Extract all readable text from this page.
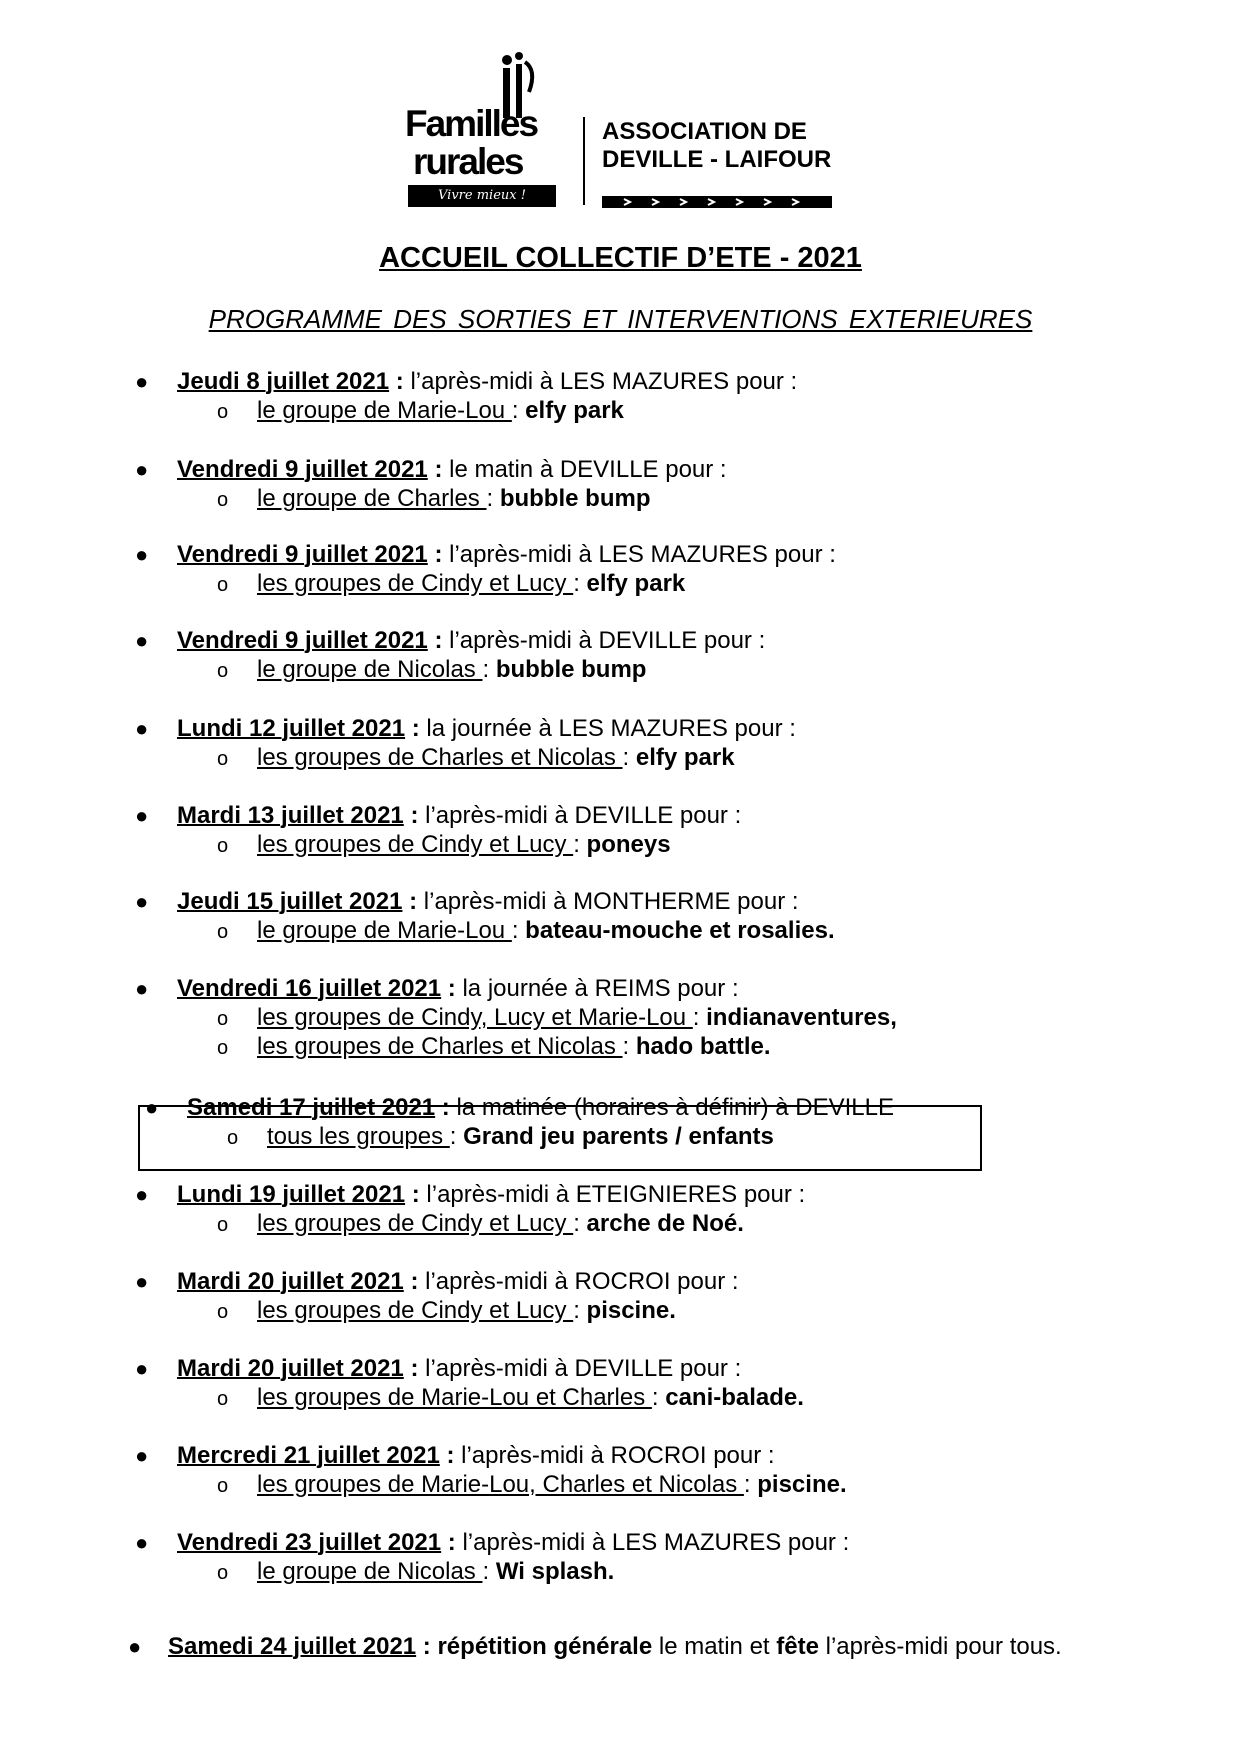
Familles
rurales
Vivre mieux !
ASSOCIATION DE
DEVILLE - LAIFOUR
ACCUEIL COLLECTIF D’ETE - 2021
PROGRAMME DES SORTIES ET INTERVENTIONS EXTERIEURES
● Jeudi 8 juillet 2021 : l’après-midi à LES MAZURES pour :
o le groupe de Marie-Lou : elfy park
● Vendredi 9 juillet 2021 : le matin à DEVILLE pour :
o le groupe de Charles : bubble bump
● Vendredi 9 juillet 2021 : l’après-midi à LES MAZURES pour :
o les groupes de Cindy et Lucy : elfy park
● Vendredi 9 juillet 2021 : l’après-midi à DEVILLE pour :
o le groupe de Nicolas : bubble bump
● Lundi 12 juillet 2021 : la journée à LES MAZURES pour :
o les groupes de Charles et Nicolas : elfy park
● Mardi 13 juillet 2021 : l’après-midi à DEVILLE pour :
o les groupes de Cindy et Lucy : poneys
● Jeudi 15 juillet 2021 : l’après-midi à MONTHERME pour :
o le groupe de Marie-Lou : bateau-mouche et rosalies.
● Vendredi 16 juillet 2021 : la journée à REIMS pour :
o les groupes de Cindy, Lucy et Marie-Lou : indianaventures,
o les groupes de Charles et Nicolas : hado battle.
● Samedi 17 juillet 2021 : la matinée (horaires à définir) à DEVILLE
o tous les groupes : Grand jeu parents / enfants
● Lundi 19 juillet 2021 : l’après-midi à ETEIGNIERES pour :
o les groupes de Cindy et Lucy : arche de Noé.
● Mardi 20 juillet 2021 : l’après-midi à ROCROI pour :
o les groupes de Cindy et Lucy : piscine.
● Mardi 20 juillet 2021 : l’après-midi à DEVILLE pour :
o les groupes de Marie-Lou et Charles : cani-balade.
● Mercredi 21 juillet 2021 : l’après-midi à ROCROI pour :
o les groupes de Marie-Lou, Charles et Nicolas : piscine.
● Vendredi 23 juillet 2021 : l’après-midi à LES MAZURES pour :
o le groupe de Nicolas : Wi splash.
● Samedi 24 juillet 2021 : répétition générale le matin et fête l’après-midi pour tous.
